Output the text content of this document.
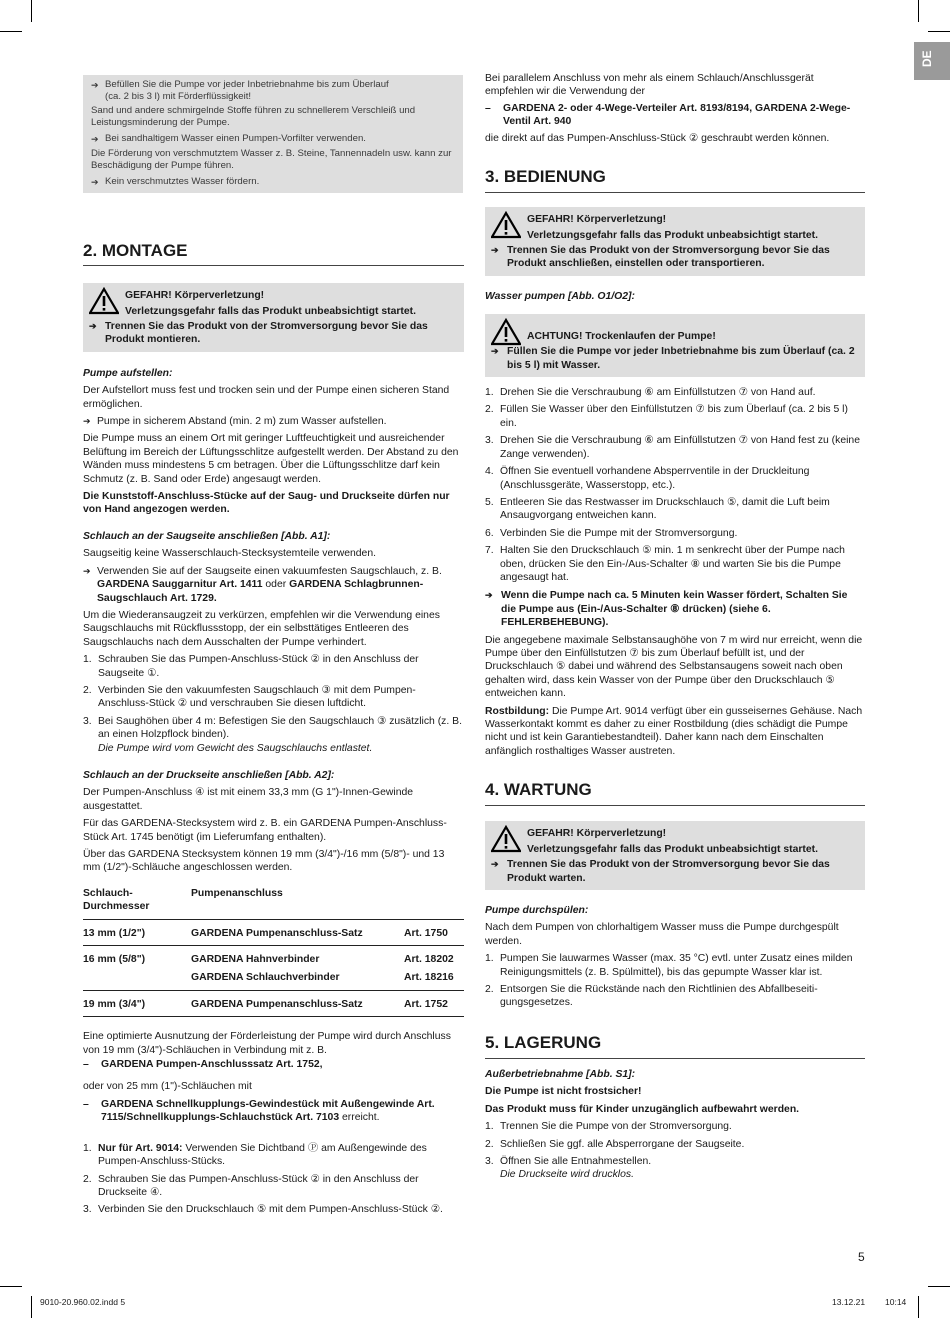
DE

➔ Befüllen Sie die Pumpe vor jeder Inbetriebnahme bis zum Überlauf
(ca. 2 bis 3 l) mit Förderflüssigkeit!

Sand und andere schmirgelnde Stoffe führen zu schnellerem Verschleiß und Leistungsminderung der Pumpe.

➔ Bei sandhaltigem Wasser einen Pumpen-Vorfilter verwenden.

Die Förderung von verschmutztem Wasser z. B. Steine, Tannennadeln usw. kann zur Beschädigung der Pumpe führen.

➔ Kein verschmutztes Wasser fördern.

2. MONTAGE

GEFAHR! Körperverletzung!

Verletzungsgefahr falls das Produkt unbeabsichtigt startet.

➔ Trennen Sie das Produkt von der Stromversorgung bevor Sie das Produkt montieren.

Pumpe aufstellen:

Der Aufstellort muss fest und trocken sein und der Pumpe einen sicheren Stand ermöglichen.

➔ Pumpe in sicherem Abstand (min. 2 m) zum Wasser aufstellen.

Die Pumpe muss an einem Ort mit geringer Luftfeuchtigkeit und ausreichender Belüftung im Bereich der Lüftungsschlitze aufgestellt werden. Der Abstand zu den Wänden muss mindestens 5 cm betragen. Über die Lüftungsschlitze darf kein Schmutz (z. B. Sand oder Erde) angesaugt werden.

Die Kunststoff-Anschluss-Stücke auf der Saug- und Druckseite dürfen nur von Hand angezogen werden.

Schlauch an der Saugseite anschließen [Abb. A1]:

Saugseitig keine Wasserschlauch-Stecksystemteile verwenden.

➔ Verwenden Sie auf der Saugseite einen vakuumfesten Saugschlauch, z. B. GARDENA Sauggarnitur Art. 1411 oder GARDENA Schlagbrunnen-Saugschlauch Art. 1729.

Um die Wiederansaugzeit zu verkürzen, empfehlen wir die Verwendung eines Saugschlauchs mit Rückflussstopp, der ein selbsttätiges Entleeren des Saugschlauchs nach dem Ausschalten der Pumpe verhindert.

1. Schrauben Sie das Pumpen-Anschluss-Stück ② in den Anschluss der Saugseite ①.

2. Verbinden Sie den vakuumfesten Saugschlauch ③ mit dem Pumpen-Anschluss-Stück ② und verschrauben Sie diesen luftdicht.

3. Bei Saughöhen über 4 m: Befestigen Sie den Saugschlauch ③ zusätzlich (z. B. an einen Holzpflock binden).
Die Pumpe wird vom Gewicht des Saugschlauchs entlastet.

Schlauch an der Druckseite anschließen [Abb. A2]:

Der Pumpen-Anschluss ④ ist mit einem 33,3 mm (G 1")-Innen-Gewinde ausgestattet.

Für das GARDENA-Stecksystem wird z. B. ein GARDENA Pumpen-Anschluss-Stück Art. 1745 benötigt (im Lieferumfang enthalten).

Über das GARDENA Stecksystem können 19 mm (3/4")-/16 mm (5/8")- und 13 mm (1/2")-Schläuche angeschlossen werden.

Schlauch-Durchmesser	Pumpenanschluss	
13 mm (1/2")	GARDENA Pumpenanschluss-Satz	Art. 1750
16 mm (5/8")	GARDENA Hahnverbinder	Art. 18202
	GARDENA Schlauchverbinder	Art. 18216
19 mm (3/4")	GARDENA Pumpenanschluss-Satz	Art. 1752

Eine optimierte Ausnutzung der Förderleistung der Pumpe wird durch Anschluss von 19 mm (3/4")-Schläuchen in Verbindung mit z. B.

– GARDENA Pumpen-Anschlusssatz Art. 1752,

oder von 25 mm (1")-Schläuchen mit

– GARDENA Schnellkupplungs-Gewindestück mit Außengewinde Art. 7115/Schnellkupplungs-Schlauchstück Art. 7103 erreicht.

1. Nur für Art. 9014: Verwenden Sie Dichtband Ⓟ am Außengewinde des Pumpen-Anschluss-Stücks.

2. Schrauben Sie das Pumpen-Anschluss-Stück ② in den Anschluss der Druckseite ④.

3. Verbinden Sie den Druckschlauch ⑤ mit dem Pumpen-Anschluss-Stück ②.

Bei parallelem Anschluss von mehr als einem Schlauch/Anschlussgerät empfehlen wir die Verwendung der

– GARDENA 2- oder 4-Wege-Verteiler Art. 8193/8194, GARDENA 2-Wege-Ventil Art. 940

die direkt auf das Pumpen-Anschluss-Stück ② geschraubt werden können.

3. BEDIENUNG

GEFAHR! Körperverletzung!

Verletzungsgefahr falls das Produkt unbeabsichtigt startet.

➔ Trennen Sie das Produkt von der Stromversorgung bevor Sie das Produkt anschließen, einstellen oder transportieren.

Wasser pumpen [Abb. O1/O2]:

ACHTUNG! Trockenlaufen der Pumpe!

➔ Füllen Sie die Pumpe vor jeder Inbetriebnahme bis zum Überlauf (ca. 2 bis 5 l) mit Wasser.

1. Drehen Sie die Verschraubung ⑥ am Einfüllstutzen ⑦ von Hand auf.

2. Füllen Sie Wasser über den Einfüllstutzen ⑦ bis zum Überlauf (ca. 2 bis 5 l) ein.

3. Drehen Sie die Verschraubung ⑥ am Einfüllstutzen ⑦ von Hand fest zu (keine Zange verwenden).

4. Öffnen Sie eventuell vorhandene Absperrventile in der Druckleitung (Anschlussgeräte, Wasserstopp, etc.).

5. Entleeren Sie das Restwasser im Druckschlauch ⑤, damit die Luft beim Ansaugvorgang entweichen kann.

6. Verbinden Sie die Pumpe mit der Stromversorgung.

7. Halten Sie den Druckschlauch ⑤ min. 1 m senkrecht über der Pumpe nach oben, drücken Sie den Ein-/Aus-Schalter ⑧ und warten Sie bis die Pumpe angesaugt hat.

➔ Wenn die Pumpe nach ca. 5 Minuten kein Wasser fördert, Schalten Sie die Pumpe aus (Ein-/Aus-Schalter ⑧ drücken) (siehe 6. FEHLERBEHEBUNG).

Die angegebene maximale Selbstansaughöhe von 7 m wird nur erreicht, wenn die Pumpe über den Einfüllstutzen ⑦ bis zum Überlauf befüllt ist, und der Druckschlauch ⑤ dabei und während des Selbstansaugens soweit nach oben gehalten wird, dass kein Wasser von der Pumpe über den Druckschlauch ⑤ entweichen kann.

Rostbildung: Die Pumpe Art. 9014 verfügt über ein gusseisernes Gehäuse. Nach Wasserkontakt kommt es daher zu einer Rostbildung (dies schädigt die Pumpe nicht und ist kein Garantiebestandteil). Daher kann nach dem Einschalten anfänglich rosthaltiges Wasser austreten.

4. WARTUNG

GEFAHR! Körperverletzung!

Verletzungsgefahr falls das Produkt unbeabsichtigt startet.

➔ Trennen Sie das Produkt von der Stromversorgung bevor Sie das Produkt warten.

Pumpe durchspülen:

Nach dem Pumpen von chlorhaltigem Wasser muss die Pumpe durchgespült werden.

1. Pumpen Sie lauwarmes Wasser (max. 35 °C) evtl. unter Zusatz eines milden Reinigungsmittels (z. B. Spülmittel), bis das gepumpte Wasser klar ist.

2. Entsorgen Sie die Rückstände nach den Richtlinien des Abfallbeseitigungsgesetzes.

5. LAGERUNG

Außerbetriebnahme [Abb. S1]:

Die Pumpe ist nicht frostsicher!

Das Produkt muss für Kinder unzugänglich aufbewahrt werden.

1. Trennen Sie die Pumpe von der Stromversorgung.

2. Schließen Sie ggf. alle Absperrorgane der Saugseite.

3. Öffnen Sie alle Entnahmestellen.
Die Druckseite wird drucklos.

5
9010-20.960.02.indd 5	13.12.21 10:14
